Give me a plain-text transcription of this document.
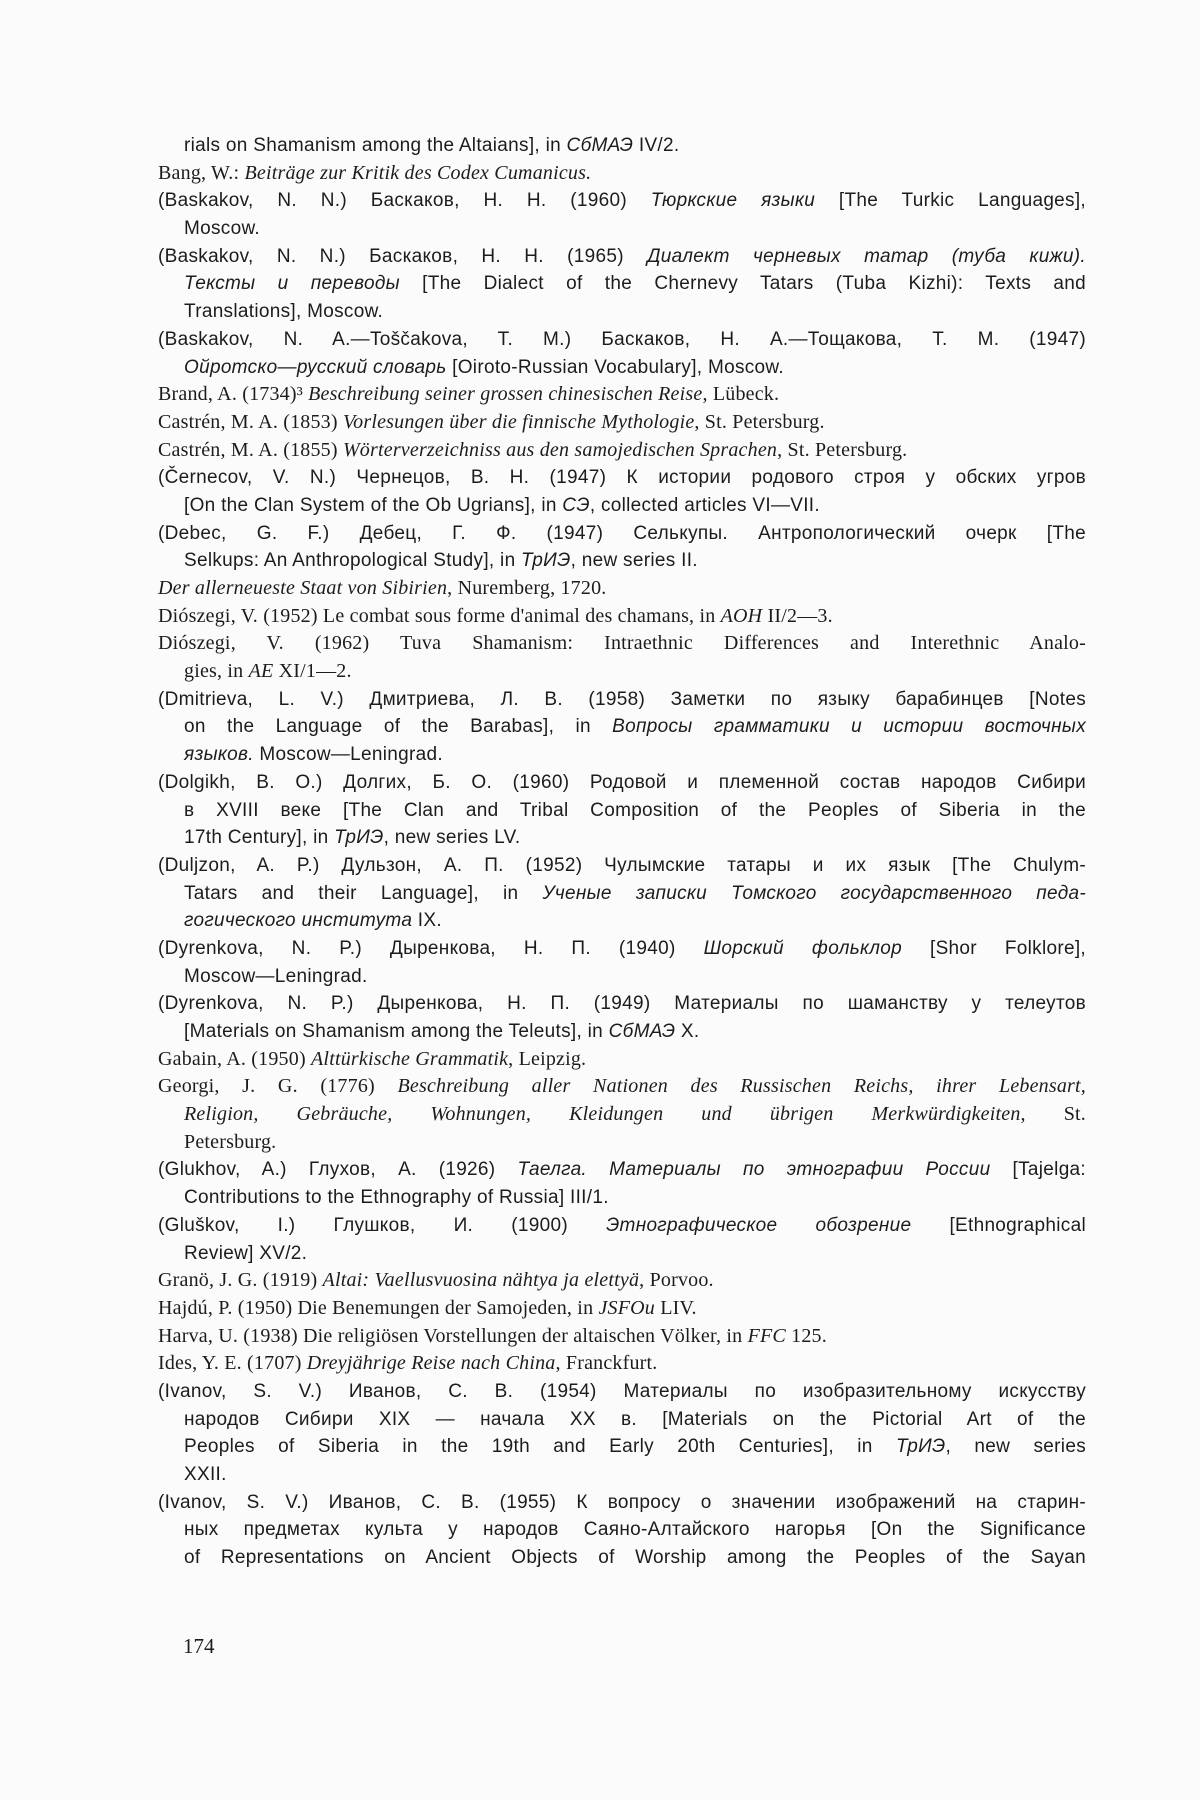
rials on Shamanism among the Altaians], in СбМАЭ IV/2.
Bang, W.: Beiträge zur Kritik des Codex Cumanicus.
(Baskakov, N. N.) Баскаков, Н. Н. (1960) Тюркские языки [The Turkic Languages],
Moscow.
(Baskakov, N. N.) Баскаков, Н. Н. (1965) Диалект черневых татар (туба кижи).
Тексты и переводы [The Dialect of the Chernevy Tatars (Tuba Kizhi): Texts and
Translations], Moscow.
(Baskakov, N. A.—Toščakova, T. M.) Баскаков, Н. А.—Тощакова, Т. М. (1947)
Ойротско—русский словарь [Oiroto-Russian Vocabulary], Moscow.
Brand, A. (1734)³ Beschreibung seiner grossen chinesischen Reise, Lübeck.
Castrén, M. A. (1853) Vorlesungen über die finnische Mythologie, St. Petersburg.
Castrén, M. A. (1855) Wörterverzeichniss aus den samojedischen Sprachen, St. Petersburg.
(Černecov, V. N.) Чернецов, В. Н. (1947) К истории родового строя у обских угров
[On the Clan System of the Ob Ugrians], in СЭ, collected articles VI—VII.
(Debec, G. F.) Дебец, Г. Ф. (1947) Селькупы. Антропологический очерк [The
Selkups: An Anthropological Study], in ТрИЭ, new series II.
Der allerneueste Staat von Sibirien, Nuremberg, 1720.
Diószegi, V. (1952) Le combat sous forme d'animal des chamans, in AOH II/2—3.
Diószegi, V. (1962) Tuva Shamanism: Intraethnic Differences and Interethnic Analo-
gies, in AE XI/1—2.
(Dmitrieva, L. V.) Дмитриева, Л. В. (1958) Заметки по языку барабинцев [Notes
on the Language of the Barabas], in Вопросы грамматики и истории восточных
языков. Moscow—Leningrad.
(Dolgikh, B. O.) Долгих, Б. О. (1960) Родовой и племенной состав народов Сибири
в XVIII веке [The Clan and Tribal Composition of the Peoples of Siberia in the
17th Century], in ТрИЭ, new series LV.
(Duljzon, A. P.) Дульзон, А. П. (1952) Чулымские татары и их язык [The Chulym-
Tatars and their Language], in Ученые записки Томского государственного педа-
гогического института IX.
(Dyrenkova, N. P.) Дыренкова, Н. П. (1940) Шорский фольклор [Shor Folklore],
Moscow—Leningrad.
(Dyrenkova, N. P.) Дыренкова, Н. П. (1949) Материалы по шаманству у телеутов
[Materials on Shamanism among the Teleuts], in СбМАЭ X.
Gabain, A. (1950) Alttürkische Grammatik, Leipzig.
Georgi, J. G. (1776) Beschreibung aller Nationen des Russischen Reichs, ihrer Lebensart,
Religion, Gebräuche, Wohnungen, Kleidungen und übrigen Merkwürdigkeiten, St.
Petersburg.
(Glukhov, A.) Глухов, А. (1926) Таелга. Материалы по этнографии России [Tajelga:
Contributions to the Ethnography of Russia] III/1.
(Gluškov, I.) Глушков, И. (1900) Этнографическое обозрение [Ethnographical
Review] XV/2.
Granö, J. G. (1919) Altai: Vaellusvuosina nähtya ja elettyä, Porvoo.
Hajdú, P. (1950) Die Benemungen der Samojeden, in JSFOu LIV.
Harva, U. (1938) Die religiösen Vorstellungen der altaischen Völker, in FFC 125.
Ides, Y. E. (1707) Dreyjährige Reise nach China, Franckfurt.
(Ivanov, S. V.) Иванов, С. В. (1954) Материалы по изобразительному искусству
народов Сибири XIX — начала XX в. [Materials on the Pictorial Art of the
Peoples of Siberia in the 19th and Early 20th Centuries], in ТрИЭ, new series
XXII.
(Ivanov, S. V.) Иванов, С. В. (1955) К вопросу о значении изображений на старин-
ных предметах культа у народов Саяно-Алтайского нагорья [On the Significance
of Representations on Ancient Objects of Worship among the Peoples of the Sayan
174
